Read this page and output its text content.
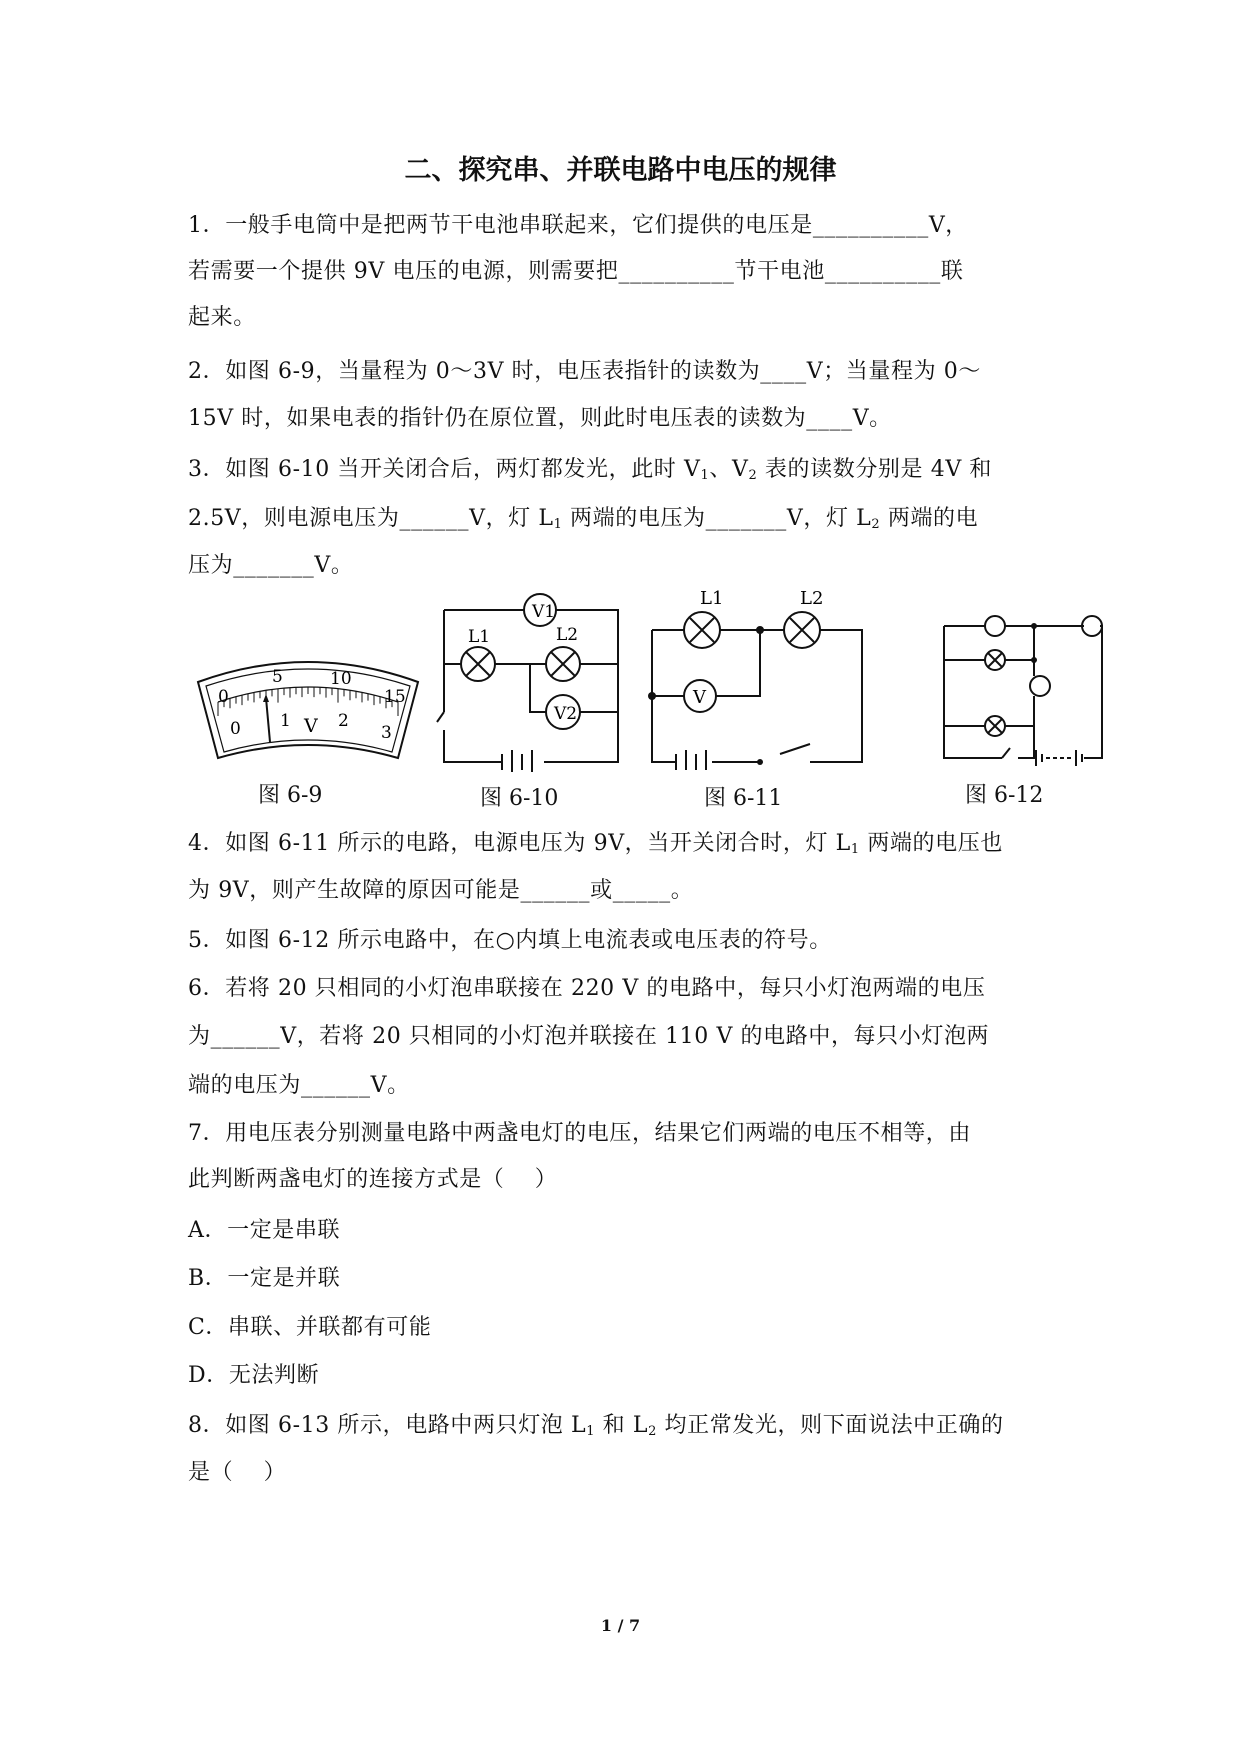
二、探究串、并联电路中电压的规律
1．一般手电筒中是把两节干电池串联起来，它们提供的电压是__________V，
若需要一个提供 9V 电压的电源，则需要把__________节干电池__________联
起来。
2．如图 6-9，当量程为 0～3V 时，电压表指针的读数为____V；当量程为 0～
15V 时，如果电表的指针仍在原位置，则此时电压表的读数为____V。
3．如图 6-10 当开关闭合后，两灯都发光，此时 $V_1$、$V_2$ 表的读数分别是 4V 和
2.5V，则电源电压为______V，灯 $L_1$ 两端的电压为_______V，灯 $L_2$ 两端的电
压为_______V。
0
5	10
15
0 1	2
3
V
图 6-9
V1
V2
L1	L2
图 6-10
L1	L2
V
图 6-11	图 6-12
4．如图 6-11 所示的电路，电源电压为 9V，当开关闭合时，灯 $L_1$ 两端的电压也
为 9V，则产生故障的原因可能是______或_____。
5．如图 6-12 所示电路中，在○内填上电流表或电压表的符号。
6．若将 20 只相同的小灯泡串联接在 220 V 的电路中，每只小灯泡两端的电压
为______V，若将 20 只相同的小灯泡并联接在 110 V 的电路中，每只小灯泡两
端的电压为______V。
7．用电压表分别测量电路中两盏电灯的电压，结果它们两端的电压不相等，由
此判断两盏电灯的连接方式是（    ）
A．一定是串联
B．一定是并联
C．串联、并联都有可能
D．无法判断
8．如图 6-13 所示，电路中两只灯泡 $L_1$ 和 $L_2$ 均正常发光，则下面说法中正确的
是（    ）
1 / 7
